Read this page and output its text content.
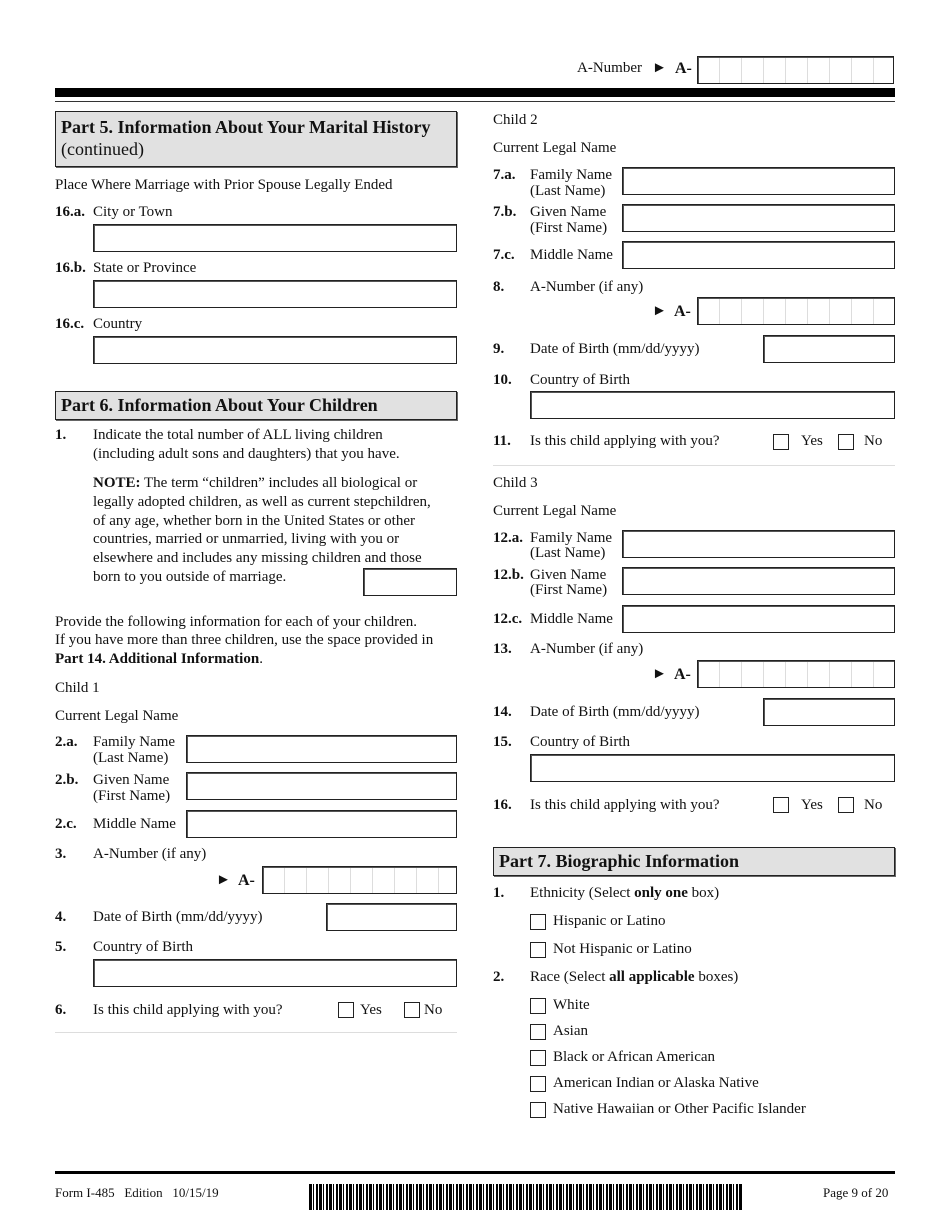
A-Number ► A-
Part 5. Information About Your Marital History
(continued)
Place Where Marriage with Prior Spouse Legally Ended
16.a. City or Town
16.b. State or Province
16.c. Country
Part 6. Information About Your Children
1. Indicate the total number of ALL living children
(including adult sons and daughters) that you have.
NOTE: The term “children” includes all biological or
legally adopted children, as well as current stepchildren,
of any age, whether born in the United States or other
countries, married or unmarried, living with you or
elsewhere and includes any missing children and those
born to you outside of marriage.
Provide the following information for each of your children.
If you have more than three children, use the space provided in
Part 14. Additional Information.
Child 1
Current Legal Name
2.a. Family Name
(Last Name)
2.b. Given Name
(First Name)
2.c. Middle Name
3. A-Number (if any)
► A-
4. Date of Birth (mm/dd/yyyy)
5. Country of Birth
6. Is this child applying with you?	Yes	No
Child 2
Current Legal Name
7.a. Family Name
(Last Name)
7.b. Given Name
(First Name)
7.c. Middle Name
8. A-Number (if any)
► A-
9. Date of Birth (mm/dd/yyyy)
10. Country of Birth
11. Is this child applying with you?	Yes	No
Child 3
Current Legal Name
12.a. Family Name
(Last Name)
12.b. Given Name
(First Name)
12.c. Middle Name
13. A-Number (if any)
► A-
14. Date of Birth (mm/dd/yyyy)
15. Country of Birth
16. Is this child applying with you?	Yes	No
Part 7. Biographic Information
1. Ethnicity (Select only one box)
Hispanic or Latino
Not Hispanic or Latino
2. Race (Select all applicable boxes)
White
Asian
Black or African American
American Indian or Alaska Native
Native Hawaiian or Other Pacific Islander
Form I-485   Edition   10/15/19	Page 9 of 20
